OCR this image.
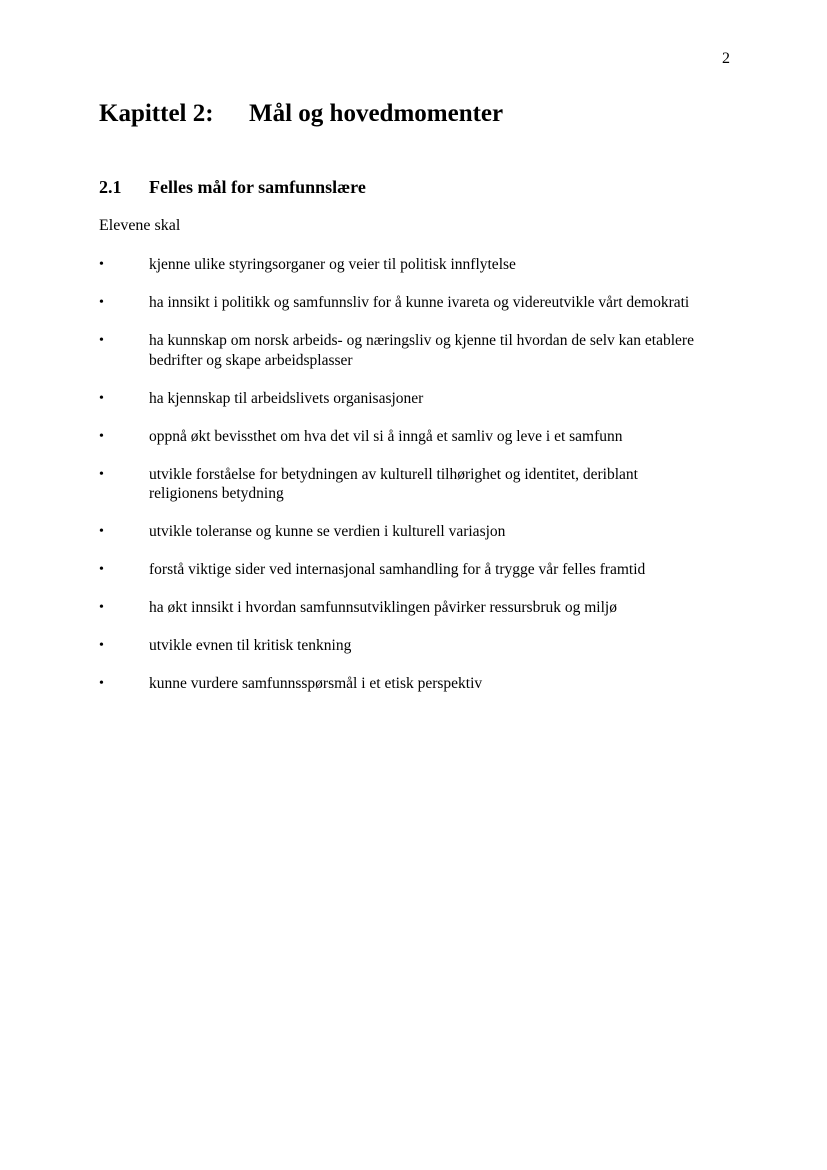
2
Kapittel 2: Mål og hovedmomenter
2.1 Felles mål for samfunnslære
Elevene skal
•	kjenne ulike styringsorganer og veier til politisk innflytelse
•	ha innsikt i politikk og samfunnsliv for å kunne ivareta og videreutvikle vårt demokrati
•	ha kunnskap om norsk arbeids- og næringsliv og kjenne til hvordan de selv kan etablere bedrifter og skape arbeidsplasser
•	ha kjennskap til arbeidslivets organisasjoner
•	oppnå økt bevissthet om hva det vil si å inngå et samliv og leve i et samfunn
•	utvikle forståelse for betydningen av kulturell tilhørighet og identitet, deriblant religionens betydning
•	utvikle toleranse og kunne se verdien i kulturell variasjon
•	forstå viktige sider ved internasjonal samhandling for å trygge vår felles framtid
•	ha økt innsikt i hvordan samfunnsutviklingen påvirker ressursbruk og miljø
•	utvikle evnen til kritisk tenkning
•	kunne vurdere samfunnsspørsmål i et etisk perspektiv
